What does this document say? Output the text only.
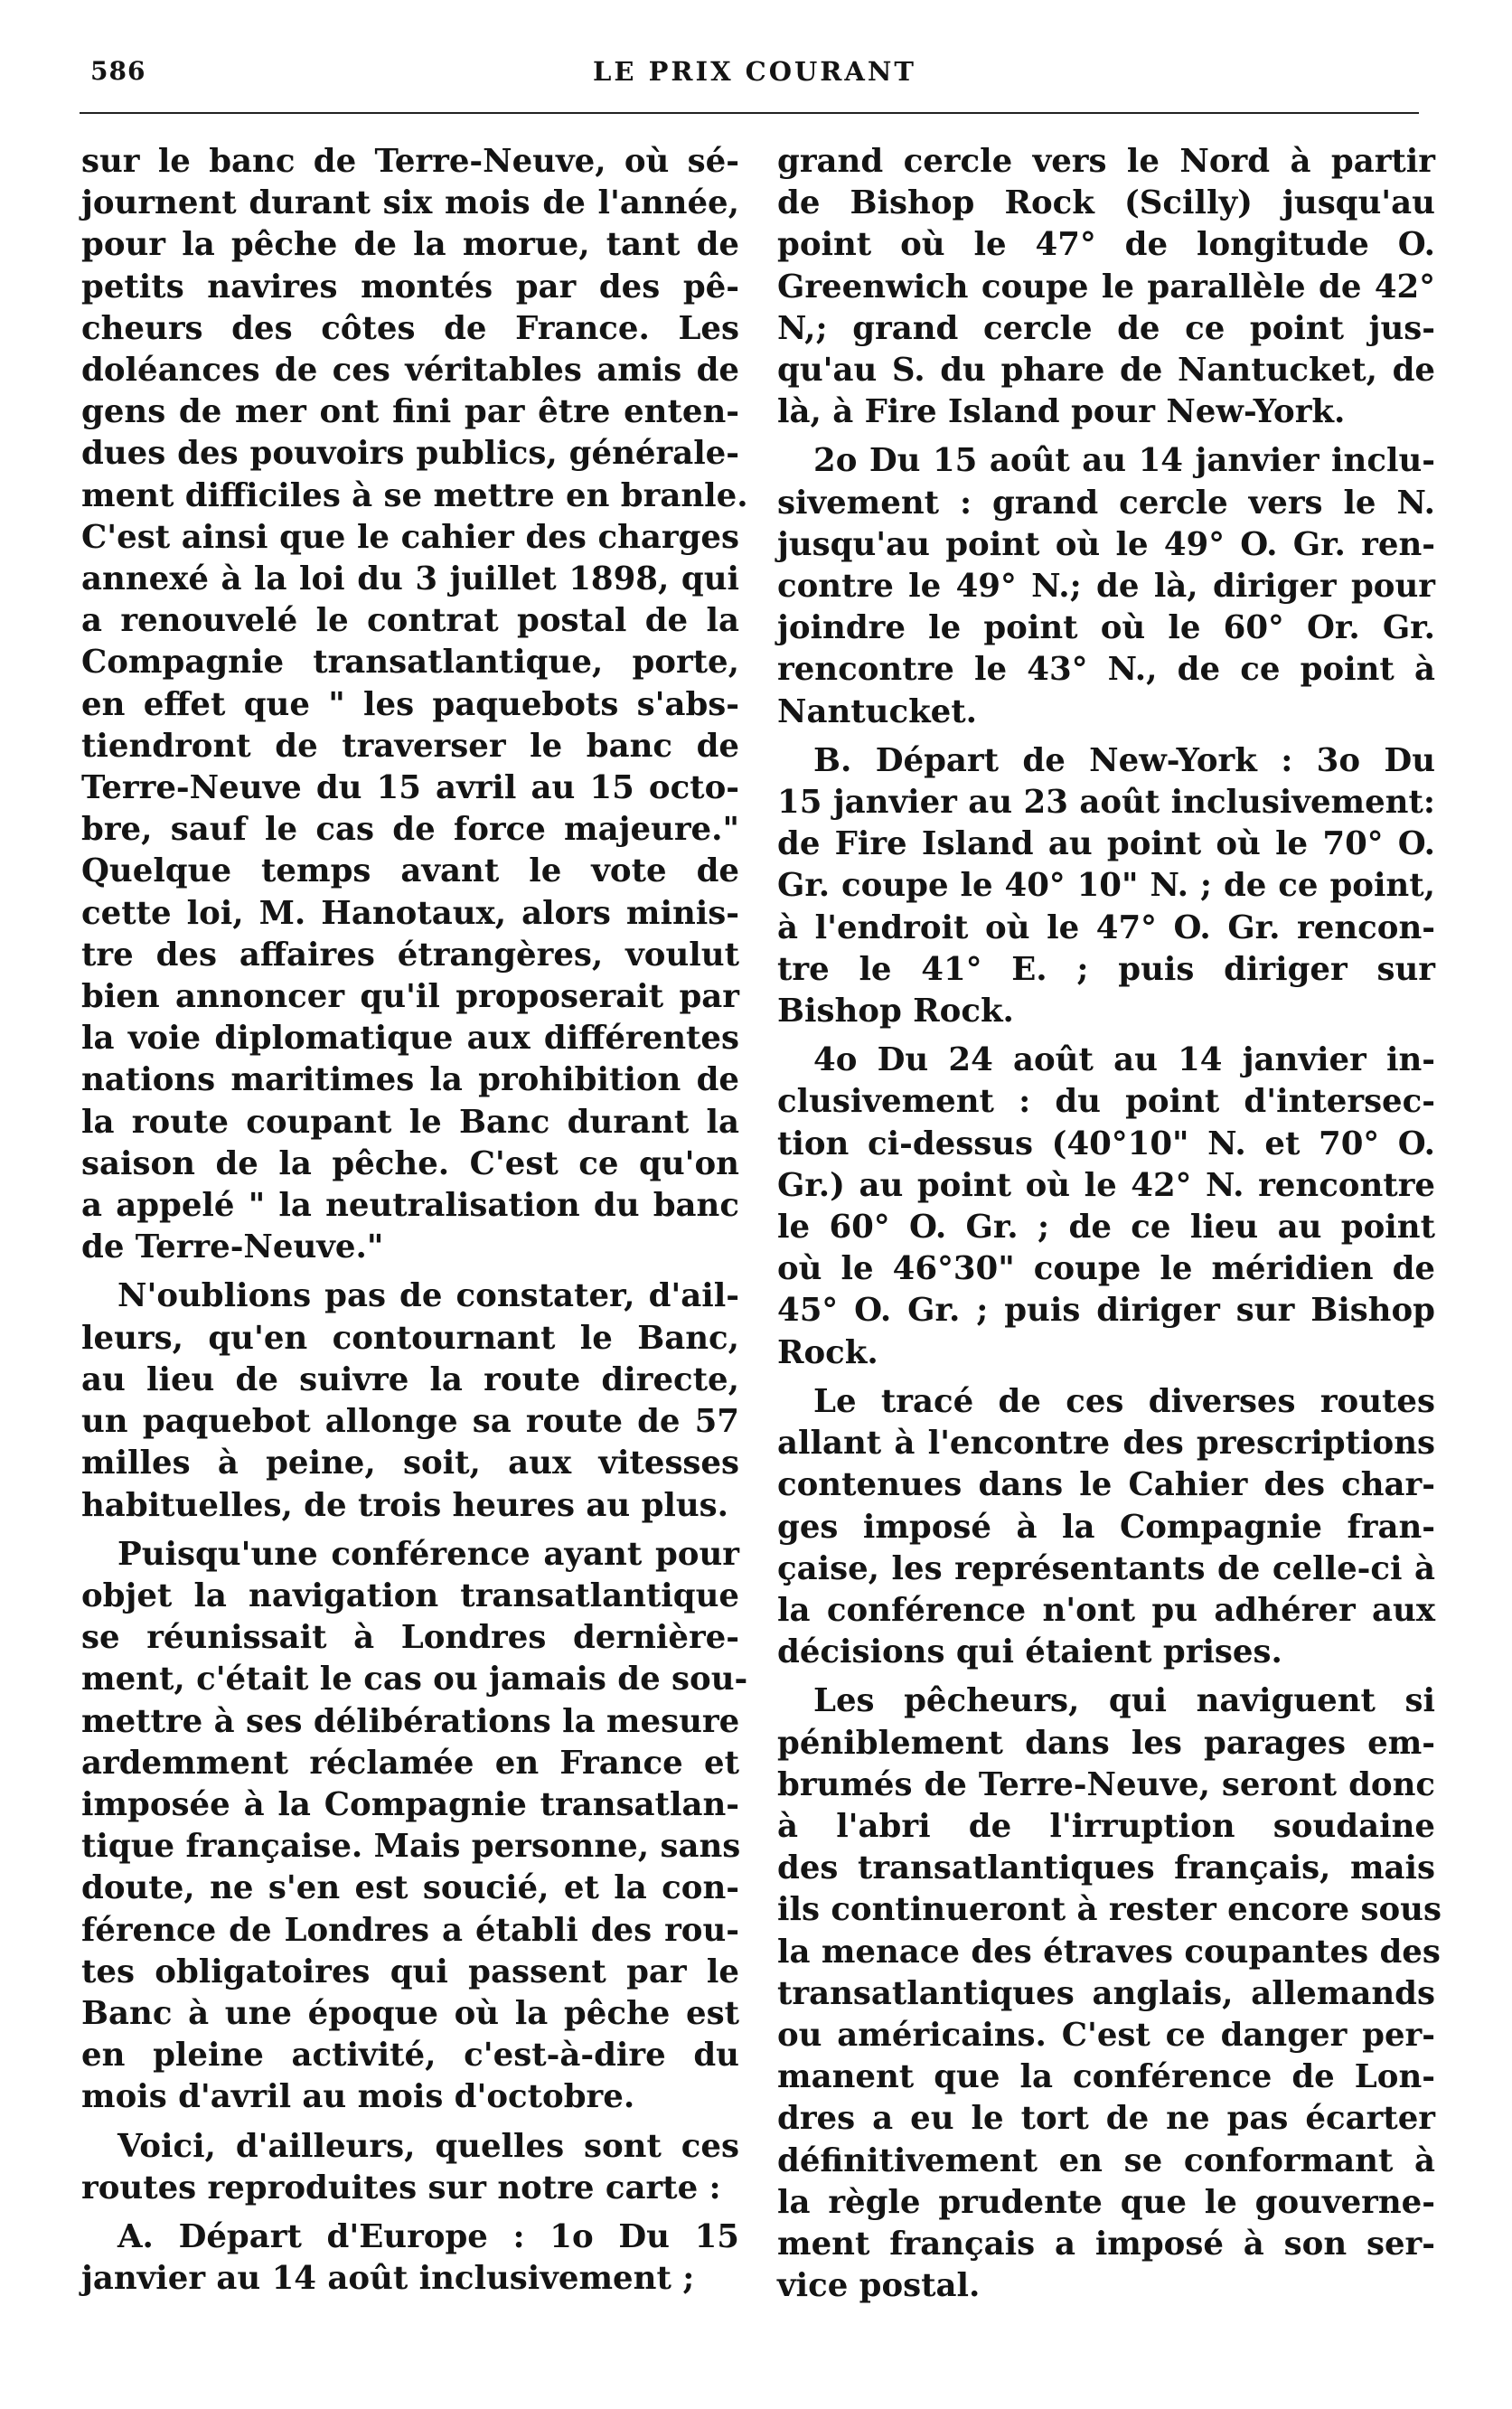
586	LE PRIX COURANT
sur le banc de Terre-Neuve, où sé-
journent durant six mois de l'année,
pour la pêche de la morue, tant de
petits navires montés par des pê-
cheurs des côtes de France. Les
doléances de ces véritables amis de
gens de mer ont fini par être enten-
dues des pouvoirs publics, générale-
ment difficiles à se mettre en branle.
C'est ainsi que le cahier des charges
annexé à la loi du 3 juillet 1898, qui
a renouvelé le contrat postal de la
Compagnie transatlantique, porte,
en effet que " les paquebots s'abs-
tiendront de traverser le banc de
Terre-Neuve du 15 avril au 15 octo-
bre, sauf le cas de force majeure."
Quelque temps avant le vote de
cette loi, M. Hanotaux, alors minis-
tre des affaires étrangères, voulut
bien annoncer qu'il proposerait par
la voie diplomatique aux différentes
nations maritimes la prohibition de
la route coupant le Banc durant la
saison de la pêche. C'est ce qu'on
a appelé " la neutralisation du banc
de Terre-Neuve."
N'oublions pas de constater, d'ail-
leurs, qu'en contournant le Banc,
au lieu de suivre la route directe,
un paquebot allonge sa route de 57
milles à peine, soit, aux vitesses
habituelles, de trois heures au plus.
Puisqu'une conférence ayant pour
objet la navigation transatlantique
se réunissait à Londres dernière-
ment, c'était le cas ou jamais de sou-
mettre à ses délibérations la mesure
ardemment réclamée en France et
imposée à la Compagnie transatlan-
tique française. Mais personne, sans
doute, ne s'en est soucié, et la con-
férence de Londres a établi des rou-
tes obligatoires qui passent par le
Banc à une époque où la pêche est
en pleine activité, c'est-à-dire du
mois d'avril au mois d'octobre.
Voici, d'ailleurs, quelles sont ces
routes reproduites sur notre carte :
A. Départ d'Europe : 1o Du 15
janvier au 14 août inclusivement ;
grand cercle vers le Nord à partir
de Bishop Rock (Scilly) jusqu'au
point où le 47° de longitude O.
Greenwich coupe le parallèle de 42°
N,; grand cercle de ce point jus-
qu'au S. du phare de Nantucket, de
là, à Fire Island pour New-York.
2o Du 15 août au 14 janvier inclu-
sivement : grand cercle vers le N.
jusqu'au point où le 49° O. Gr. ren-
contre le 49° N.; de là, diriger pour
joindre le point où le 60° Or. Gr.
rencontre le 43° N., de ce point à
Nantucket.
B. Départ de New-York : 3o Du
15 janvier au 23 août inclusivement:
de Fire Island au point où le 70° O.
Gr. coupe le 40° 10" N. ; de ce point,
à l'endroit où le 47° O. Gr. rencon-
tre le 41° E. ; puis diriger sur
Bishop Rock.
4o Du 24 août au 14 janvier in-
clusivement : du point d'intersec-
tion ci-dessus (40°10" N. et 70° O.
Gr.) au point où le 42° N. rencontre
le 60° O. Gr. ; de ce lieu au point
où le 46°30" coupe le méridien de
45° O. Gr. ; puis diriger sur Bishop
Rock.
Le tracé de ces diverses routes
allant à l'encontre des prescriptions
contenues dans le Cahier des char-
ges imposé à la Compagnie fran-
çaise, les représentants de celle-ci à
la conférence n'ont pu adhérer aux
décisions qui étaient prises.
Les pêcheurs, qui naviguent si
péniblement dans les parages em-
brumés de Terre-Neuve, seront donc
à l'abri de l'irruption soudaine
des transatlantiques français, mais
ils continueront à rester encore sous
la menace des étraves coupantes des
transatlantiques anglais, allemands
ou américains. C'est ce danger per-
manent que la conférence de Lon-
dres a eu le tort de ne pas écarter
définitivement en se conformant à
la règle prudente que le gouverne-
ment français a imposé à son ser-
vice postal.
